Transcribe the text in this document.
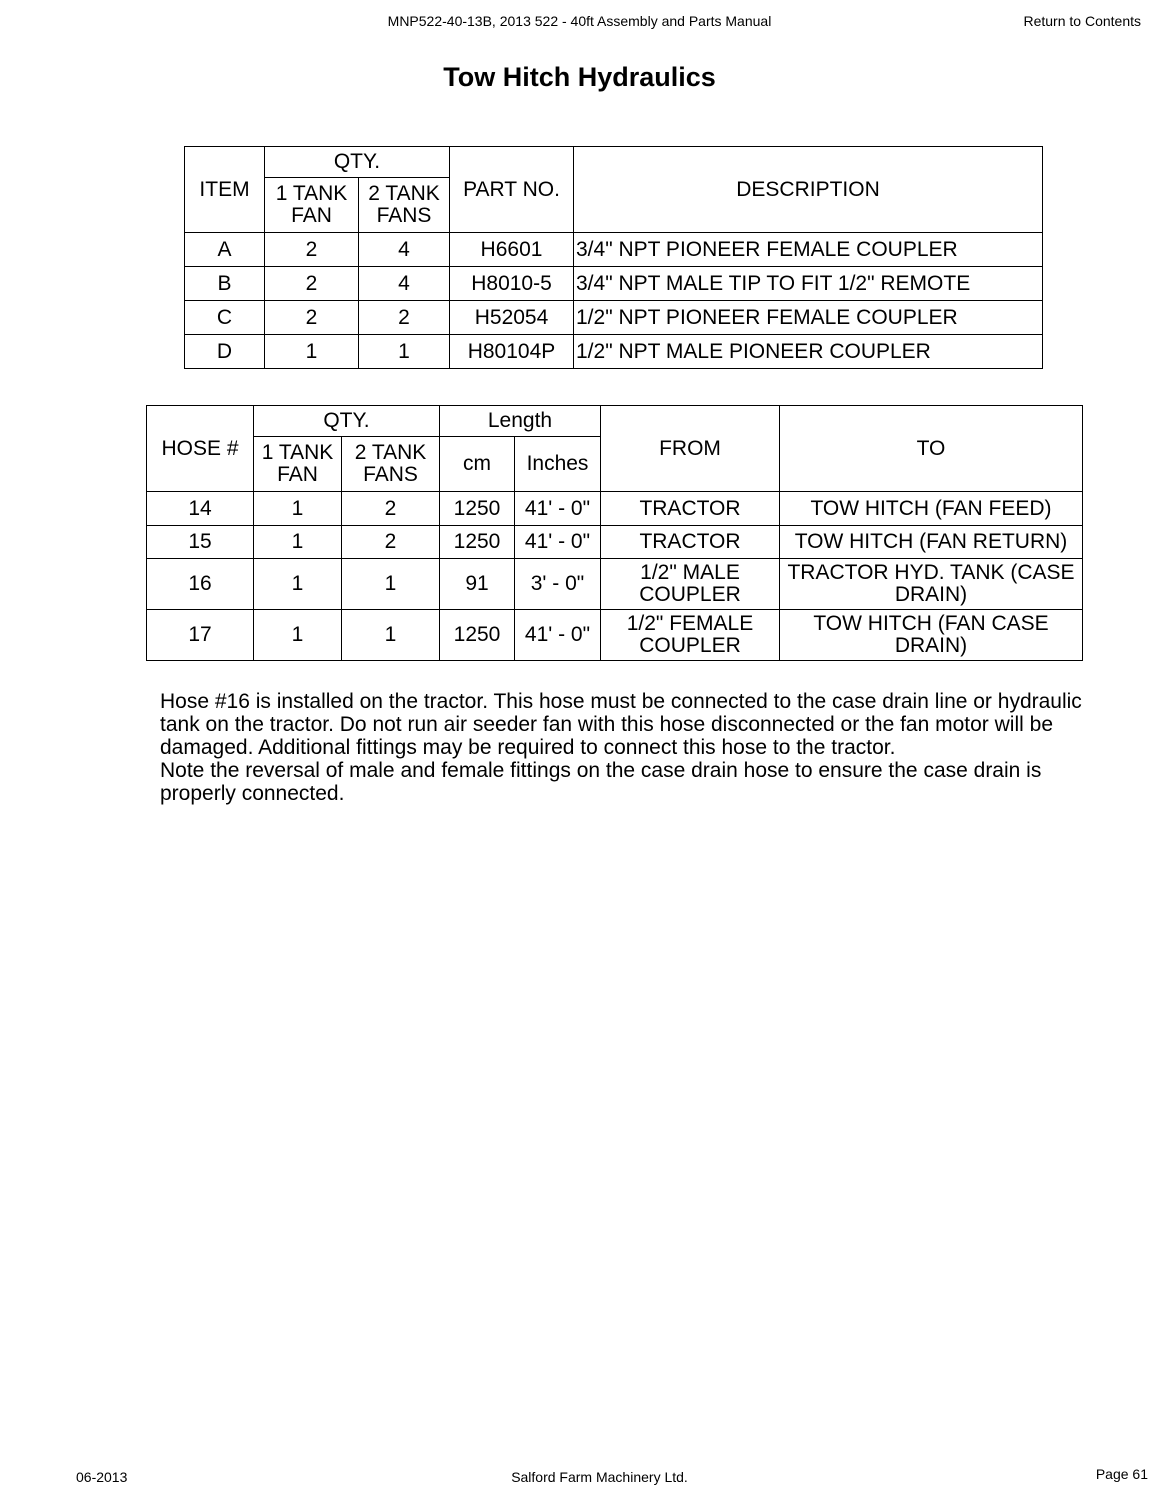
MNP522-40-13B, 2013 522 - 40ft Assembly and Parts Manual	Return to Contents
Tow Hitch Hydraulics
ITEM	QTY.		PART NO.	DESCRIPTION
	1 TANK FAN	2 TANK FANS		
A	2	4	H6601	3/4" NPT PIONEER FEMALE COUPLER
B	2	4	H8010-5	3/4" NPT MALE TIP TO FIT 1/2" REMOTE
C	2	2	H52054	1/2" NPT PIONEER FEMALE COUPLER
D	1	1	H80104P	1/2" NPT MALE PIONEER COUPLER
HOSE #	QTY.		Length		FROM	TO
	1 TANK FAN	2 TANK FANS	cm	Inches		
14	1	2	1250	41' - 0"	TRACTOR	TOW HITCH (FAN FEED)
15	1	2	1250	41' - 0"	TRACTOR	TOW HITCH (FAN RETURN)
16	1	1	91	3' - 0"	1/2" MALE COUPLER	TRACTOR HYD. TANK (CASE DRAIN)
17	1	1	1250	41' - 0"	1/2" FEMALE COUPLER	TOW HITCH (FAN CASE DRAIN)

Hose #16 is installed on the tractor. This hose must be connected to the case drain line or hydraulic tank on the tractor. Do not run air seeder fan with this hose disconnected or the fan motor will be damaged. Additional fittings may be required to connect this hose to the tractor.

Note the reversal of male and female fittings on the case drain hose to ensure the case drain is properly connected.

06-2013	Salford Farm Machinery Ltd.	Page 61
